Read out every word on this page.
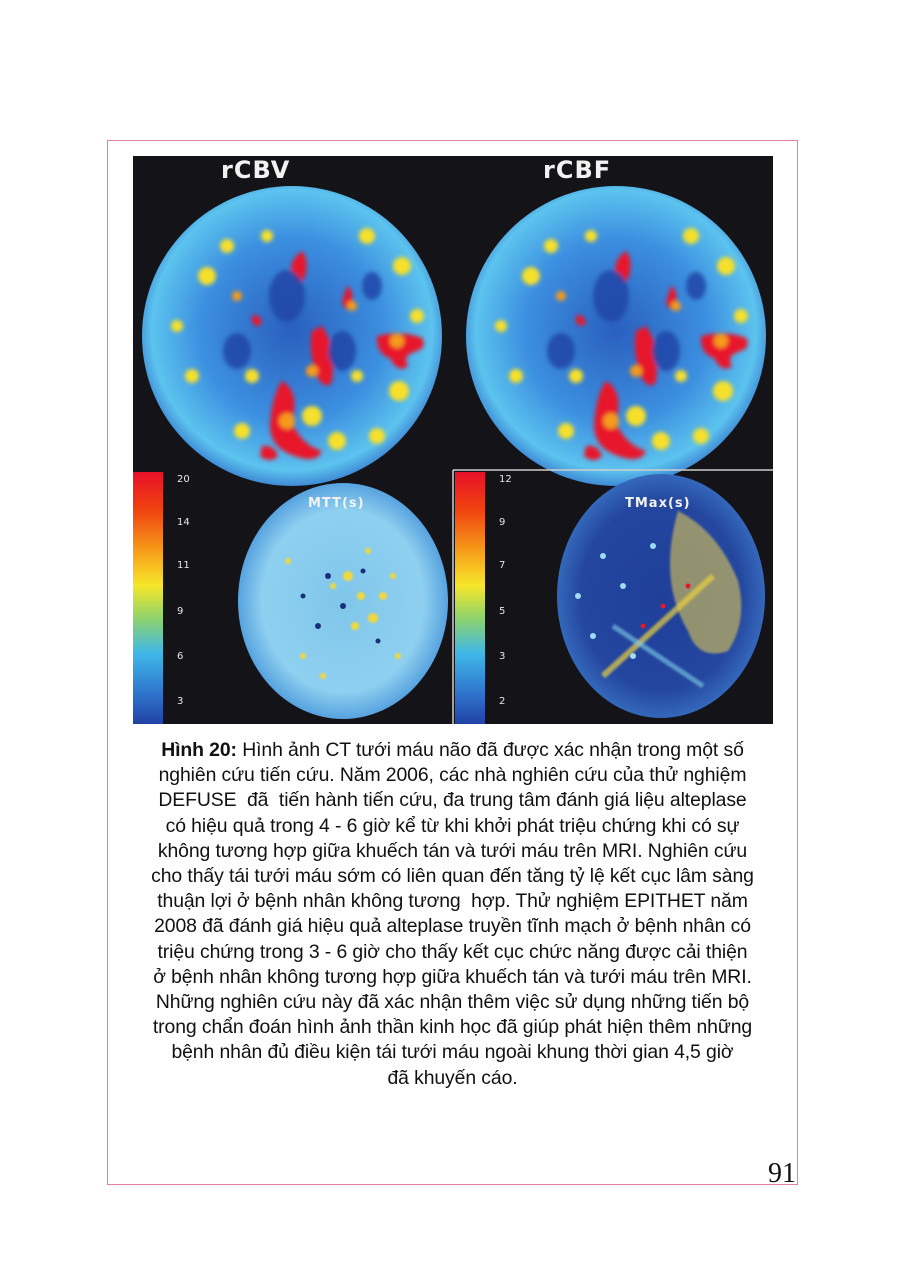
rCBV	rCBF
20
14
11
9
6
3
MTT(s)
12
9
7
5
3
2
TMax(s)
Hình 20: Hình ảnh CT tưới máu não đã được xác nhận trong một số
nghiên cứu tiến cứu. Năm 2006, các nhà nghiên cứu của thử nghiệm
DEFUSE  đã  tiến hành tiến cứu, đa trung tâm đánh giá liệu alteplase
có hiệu quả trong 4 - 6 giờ kể từ khi khởi phát triệu chứng khi có sự
không tương hợp giữa khuếch tán và tưới máu trên MRI. Nghiên cứu
cho thấy tái tưới máu sớm có liên quan đến tăng tỷ lệ kết cục lâm sàng
thuận lợi ở bệnh nhân không tương  hợp. Thử nghiệm EPITHET năm
2008 đã đánh giá hiệu quả alteplase truyền tĩnh mạch ở bệnh nhân có
triệu chứng trong 3 - 6 giờ cho thấy kết cục chức năng được cải thiện
ở bệnh nhân không tương hợp giữa khuếch tán và tưới máu trên MRI.
Những nghiên cứu này đã xác nhận thêm việc sử dụng những tiến bộ
trong chẩn đoán hình ảnh thần kinh học đã giúp phát hiện thêm những
bệnh nhân đủ điều kiện tái tưới máu ngoài khung thời gian 4,5 giờ
đã khuyến cáo.
91
